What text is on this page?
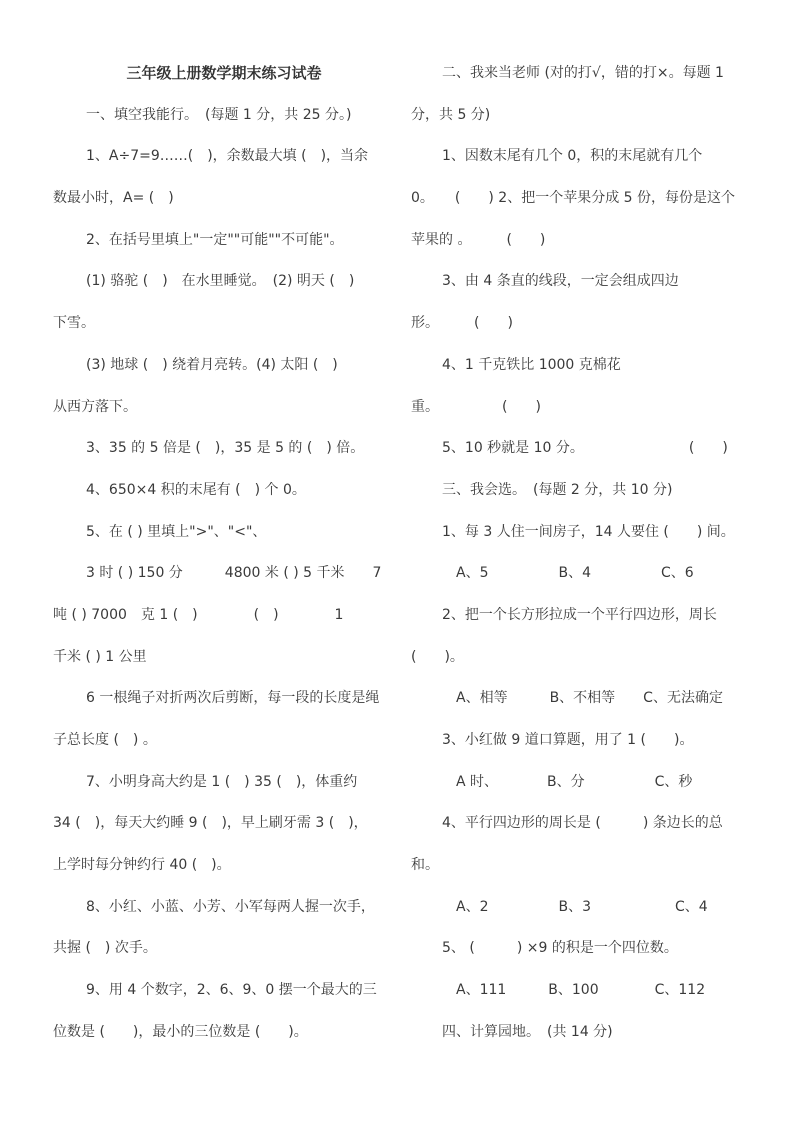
三年级上册数学期末练习试卷
一、填空我能行。　(每题 1 分，共 25 分。)
1、A÷7=9……(　)，余数最大填 (　)，当余
数最小时，A= (　)
2、在括号里填上"一定""可能""不可能"。
(1) 骆驼 (　)　在水里睡觉。　(2) 明天 (　)
下雪。
(3) 地球 (　) 绕着月亮转。(4) 太阳 (　)
从西方落下。
3、35 的 5 倍是 (　)，35 是 5 的 (　) 倍。
4、650×4 积的末尾有 (　) 个 0。
5、在 ( ) 里填上">"、"<"、
3 时 ( ) 150 分　　　4800 米 ( ) 5 千米　　7
吨 ( ) 7000　克 1 (　)　　　　(　)　　　　1
千米 ( ) 1 公里
6 一根绳子对折两次后剪断，每一段的长度是绳
子总长度 (　) 。
7、小明身高大约是 1 (　) 35 (　)，体重约
34 (　)，每天大约睡 9 (　)，早上刷牙需 3 (　)，
上学时每分钟约行 40 (　)。
8、小红、小蓝、小芳、小军每两人握一次手，
共握 (　) 次手。
9、用 4 个数字，2、6、9、0 摆一个最大的三
位数是 (　　)，最小的三位数是 (　　)。
二、我来当老师 (对的打√，错的打×。每题 1
分，共 5 分)
1、因数末尾有几个 0，积的末尾就有几个
0。　　(　　) 2、把一个苹果分成 5 份，每份是这个
苹果的 。　　　(　　)
3、由 4 条直的线段，一定会组成四边
形。　　　(　　)
4、1 千克铁比 1000 克棉花
重。　　　　　(　　)
5、10 秒就是 10 分。　　　　　　　　(　　)
三、我会选。　(每题 2 分，共 10 分)
1、每 3 人住一间房子，14 人要住 (　　) 间。
　A、5　　　　　B、4　　　　　C、6
2、把一个长方形拉成一个平行四边形，周长
(　　)。
　A、相等　　　B、不相等　　C、无法确定
3、小红做 9 道口算题，用了 1 (　　)。
　A 时、　　　　B、分　　　　　C、秒
4、平行四边形的周长是 (　　　) 条边长的总
和。
　A、2　　　　　B、3　　　　　　C、4
5、 (　　　) ×9 的积是一个四位数。
　A、111　　　B、100　　　　C、112
四、计算园地。　(共 14 分)
